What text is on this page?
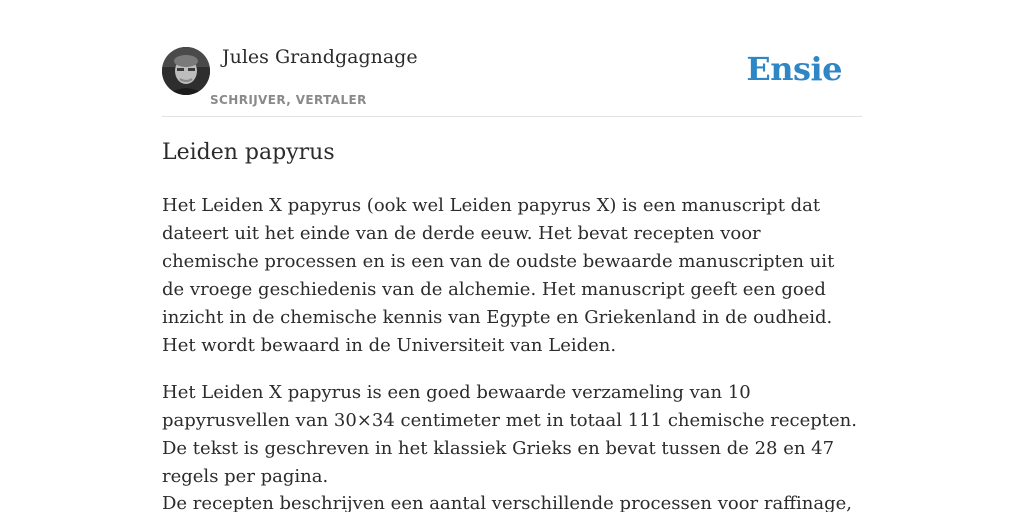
Jules Grandgagnage
SCHRIJVER, VERTALER
Ensie
Leiden papyrus

Het Leiden X papyrus (ook wel Leiden papyrus X) is een manuscript dat dateert uit het einde van de derde eeuw. Het bevat recepten voor chemische processen en is een van de oudste bewaarde manuscripten uit de vroege geschiedenis van de alchemie. Het manuscript geeft een goed inzicht in de chemische kennis van Egypte en Griekenland in de oudheid. Het wordt bewaard in de Universiteit van Leiden.

Het Leiden X papyrus is een goed bewaarde verzameling van 10 papyrusvellen van 30×34 centimeter met in totaal 111 chemische recepten. De tekst is geschreven in het klassiek Grieks en bevat tussen de 28 en 47 regels per pagina.

De recepten beschrijven een aantal verschillende processen voor raffinage,
